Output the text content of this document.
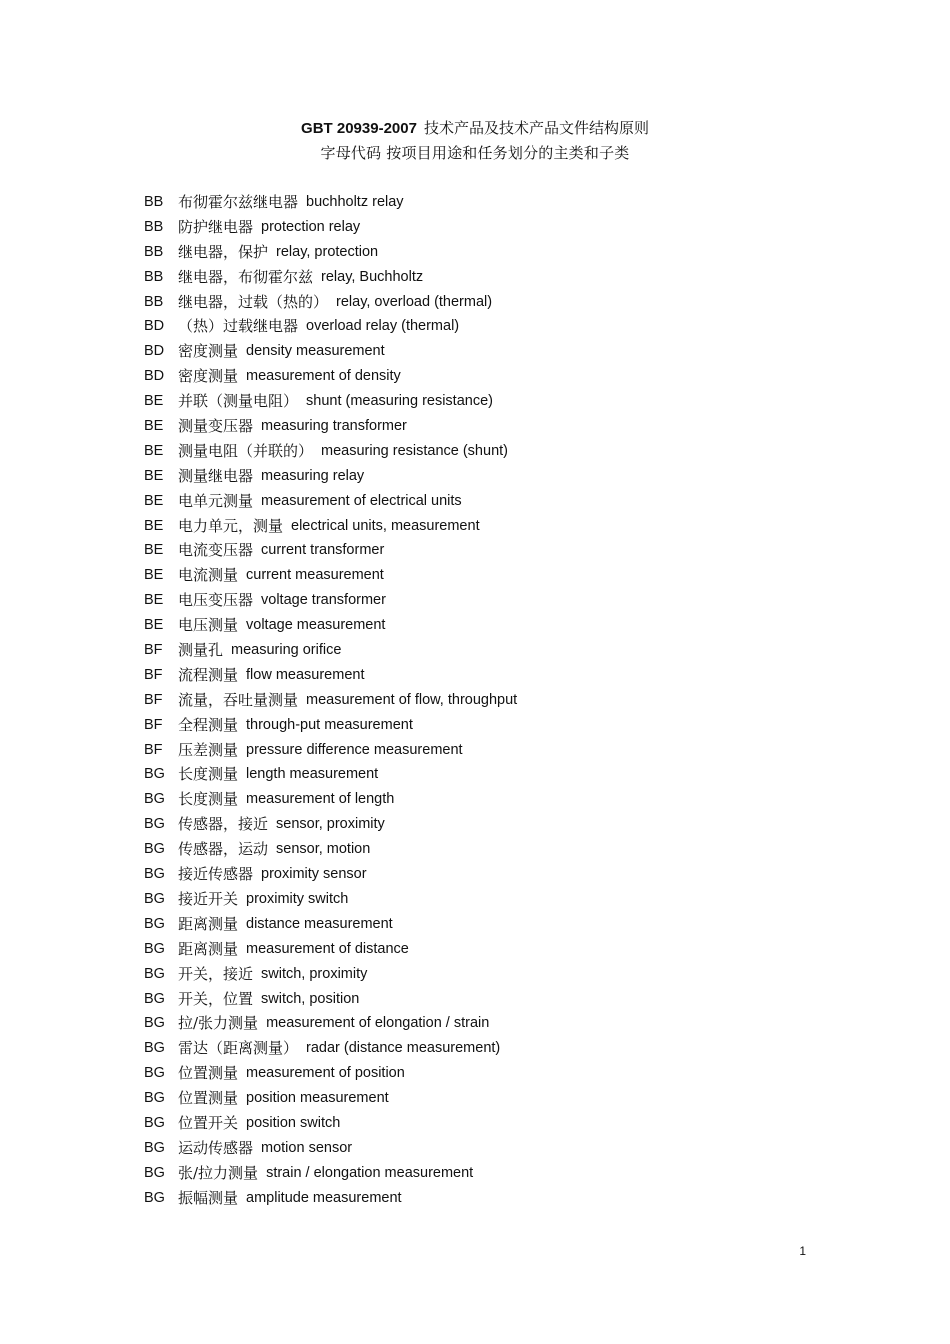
GBT 20939-2007 技术产品及技术产品文件结构原则
字母代码 按项目用途和任务划分的主类和子类
BB 布彻霍尔兹继电器 buchholtz relay
BB 防护继电器 protection relay
BB 继电器，保护 relay, protection
BB 继电器，布彻霍尔兹 relay, Buchholtz
BB 继电器，过载（热的） relay, overload (thermal)
BD （热）过载继电器 overload relay (thermal)
BD 密度测量 density measurement
BD 密度测量 measurement of density
BE 并联（测量电阻） shunt (measuring resistance)
BE 测量变压器 measuring transformer
BE 测量电阻（并联的） measuring resistance (shunt)
BE 测量继电器 measuring relay
BE 电单元测量 measurement of electrical units
BE 电力单元，测量 electrical units, measurement
BE 电流变压器 current transformer
BE 电流测量 current measurement
BE 电压变压器 voltage transformer
BE 电压测量 voltage measurement
BF	测量孔 measuring orifice
BF	流程测量 flow measurement
BF	流量，吞吐量测量 measurement of flow, throughput
BF	全程测量 through-put measurement
BF	压差测量 pressure difference measurement
BG 长度测量 length measurement
BG 长度测量 measurement of length
BG 传感器，接近 sensor, proximity
BG 传感器，运动 sensor, motion
BG 接近传感器 proximity sensor
BG 接近开关 proximity switch
BG 距离测量 distance measurement
BG 距离测量 measurement of distance
BG 开关，接近 switch, proximity
BG 开关，位置 switch, position
BG 拉/张力测量 measurement of elongation / strain
BG 雷达（距离测量） radar (distance measurement)
BG 位置测量 measurement of position
BG 位置测量 position measurement
BG 位置开关 position switch
BG 运动传感器 motion sensor
BG 张/拉力测量 strain / elongation measurement
BG 振幅测量 amplitude measurement
1
